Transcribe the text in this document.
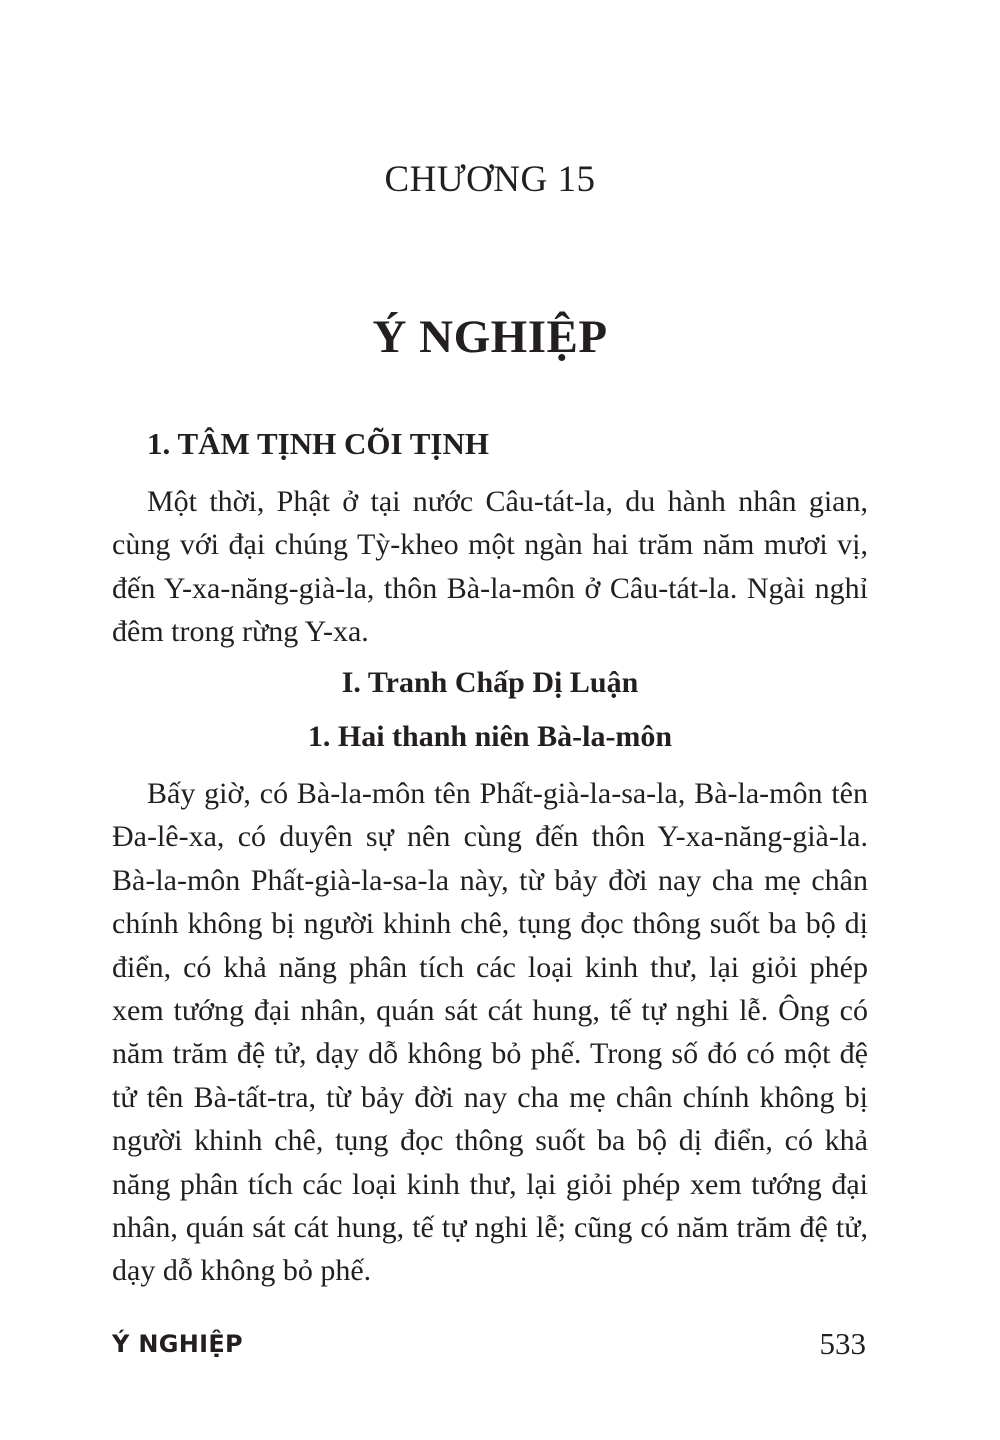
CHƯƠNG 15
Ý NGHIỆP
1. TÂM TỊNH CÕI TỊNH

Một thời, Phật ở tại nước Câu-tát-la, du hành nhân gian, cùng với đại chúng Tỳ-kheo một ngàn hai trăm năm mươi vị, đến Y-xa-năng-già-la, thôn Bà-la-môn ở Câu-tát-la. Ngài nghỉ đêm trong rừng Y-xa.

I. Tranh Chấp Dị Luận
1. Hai thanh niên Bà-la-môn

Bấy giờ, có Bà-la-môn tên Phất-già-la-sa-la, Bà-la-môn tên Đa-lê-xa, có duyên sự nên cùng đến thôn Y-xa-năng-già-la. Bà-la-môn Phất-già-la-sa-la này, từ bảy đời nay cha mẹ chân chính không bị người khinh chê, tụng đọc thông suốt ba bộ dị điển, có khả năng phân tích các loại kinh thư, lại giỏi phép xem tướng đại nhân, quán sát cát hung, tế tự nghi lễ. Ông có năm trăm đệ tử, dạy dỗ không bỏ phế. Trong số đó có một đệ tử tên Bà-tất-tra, từ bảy đời nay cha mẹ chân chính không bị người khinh chê, tụng đọc thông suốt ba bộ dị điển, có khả năng phân tích các loại kinh thư, lại giỏi phép xem tướng đại nhân, quán sát cát hung, tế tự nghi lễ; cũng có năm trăm đệ tử, dạy dỗ không bỏ phế.

Ý NGHIỆP	533
